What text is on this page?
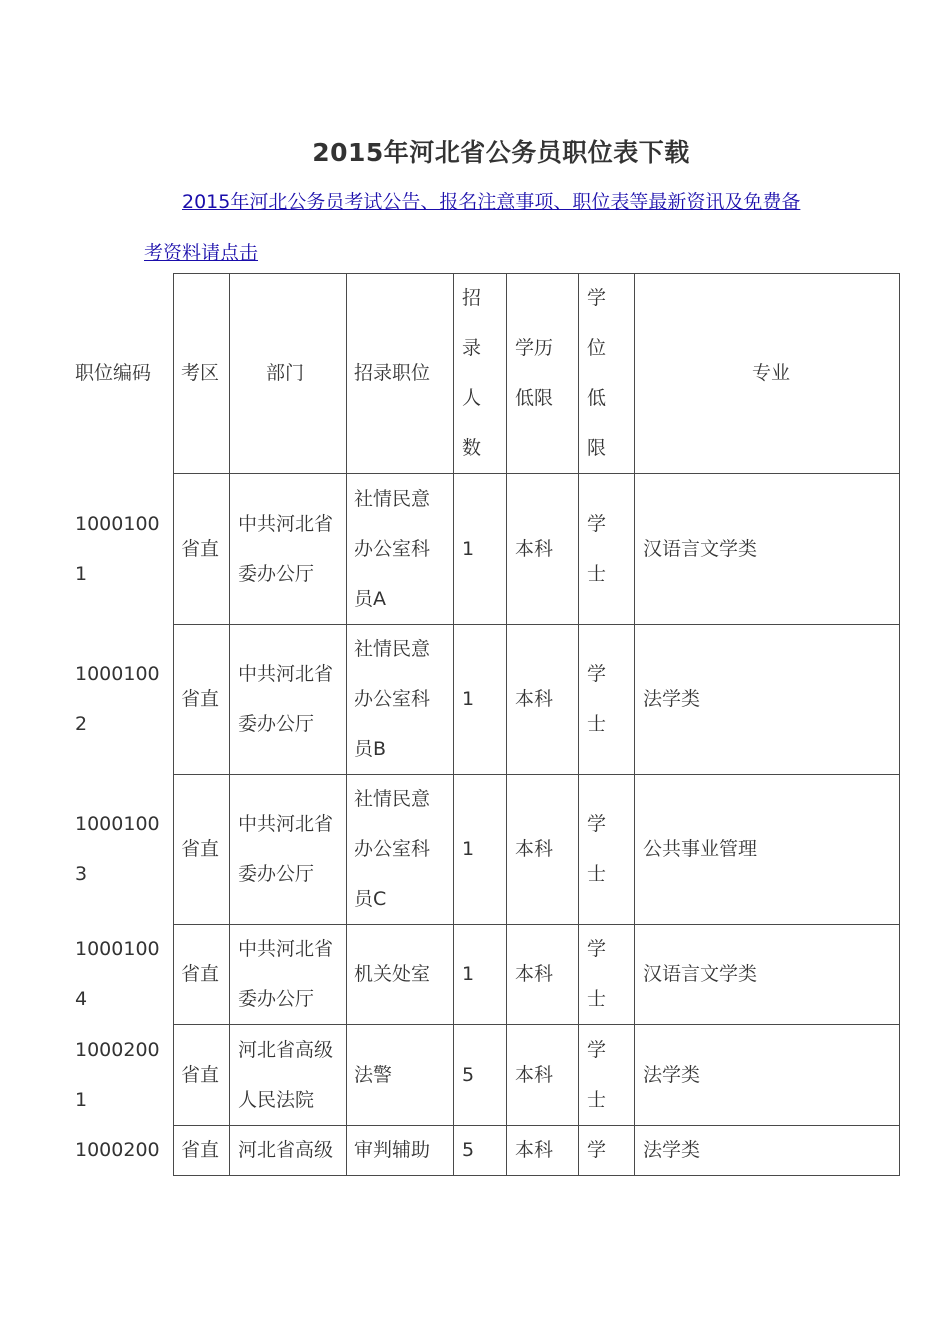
2015年河北省公务员职位表下载
2015年河北公务员考试公告、报名注意事项、职位表等最新资讯及免费备
考资料请点击
职位编码 考区 部门	招录职位
招
录
人
数
学历
低限
学
位
低
限
专业
1000100
1
省直
中共河北省
委办公厅
社情民意
办公室科
员A
1 本科
学
士
汉语言文学类
1000100
2
省直
中共河北省
委办公厅
社情民意
办公室科
员B
1 本科
学
士
法学类
1000100
3
省直
中共河北省
委办公厅
社情民意
办公室科
员C
1 本科
学
士
公共事业管理
1000100
4
省直
中共河北省
委办公厅
机关处室 1 本科
学
士
汉语言文学类
1000200
1
省直
河北省高级
人民法院
法警	5 本科
学
士
法学类
1000200 省直 河北省高级 审判辅助 5 本科 学 法学类
